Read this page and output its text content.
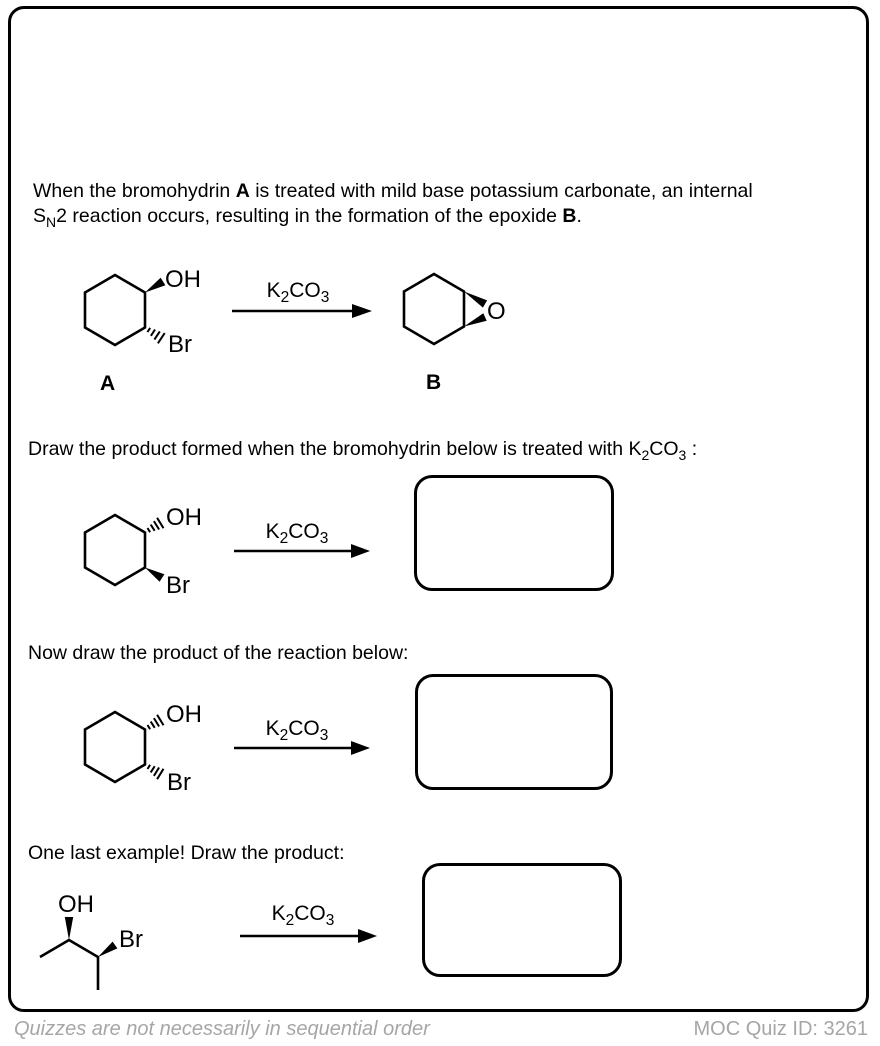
When the bromohydrin A is treated with mild base potassium carbonate, an internal
$S_N2$ reaction occurs, resulting in the formation of the epoxide B.
OH
Br
A
$K_2CO_3$
O
B
Draw the product formed when the bromohydrin below is treated with $K_2CO_3$ :
OH
Br
$K_2CO_3$
Now draw the product of the reaction below:
OH
Br
$K_2CO_3$
One last example! Draw the product:
OH
Br
$K_2CO_3$
Quizzes are not necessarily in sequential order	MOC Quiz ID: 3261
